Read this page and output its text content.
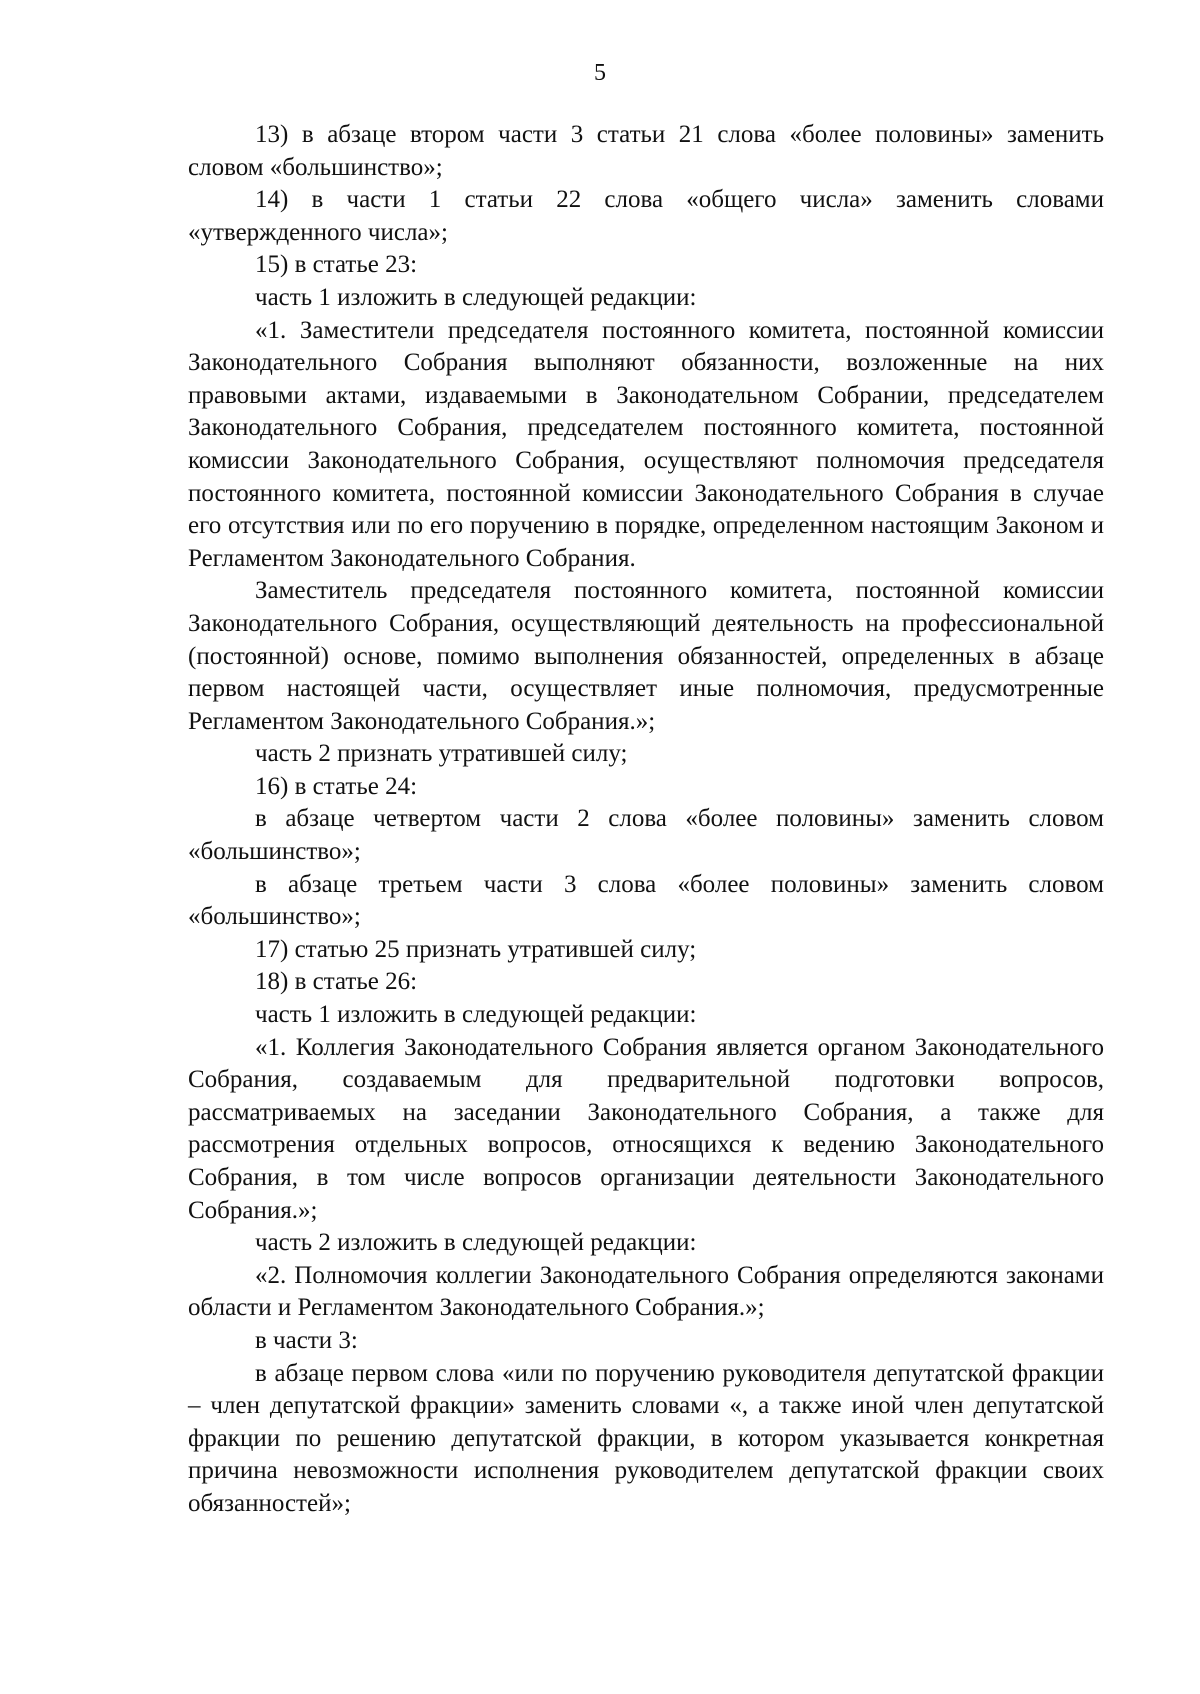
5

13) в абзаце втором части 3 статьи 21 слова «более половины» заменить словом «большинство»;

14) в части 1 статьи 22 слова «общего числа» заменить словами «утвержденного числа»;

15) в статье 23:

часть 1 изложить в следующей редакции:

«1. Заместители председателя постоянного комитета, постоянной комиссии Законодательного Собрания выполняют обязанности, возложенные на них правовыми актами, издаваемыми в Законодательном Собрании, председателем Законодательного Собрания, председателем постоянного комитета, постоянной комиссии Законодательного Собрания, осуществляют полномочия председателя постоянного комитета, постоянной комиссии Законодательного Собрания в случае его отсутствия или по его поручению в порядке, определенном настоящим Законом и Регламентом Законодательного Собрания.

Заместитель председателя постоянного комитета, постоянной комиссии Законодательного Собрания, осуществляющий деятельность на профессиональной (постоянной) основе, помимо выполнения обязанностей, определенных в абзаце первом настоящей части, осуществляет иные полномочия, предусмотренные Регламентом Законодательного Собрания.»;

часть 2 признать утратившей силу;

16) в статье 24:

в абзаце четвертом части 2 слова «более половины» заменить словом «большинство»;

в абзаце третьем части 3 слова «более половины» заменить словом «большинство»;

17) статью 25 признать утратившей силу;

18) в статье 26:

часть 1 изложить в следующей редакции:

«1. Коллегия Законодательного Собрания является органом Законодательного Собрания, создаваемым для предварительной подготовки вопросов, рассматриваемых на заседании Законодательного Собрания, а также для рассмотрения отдельных вопросов, относящихся к ведению Законодательного Собрания, в том числе вопросов организации деятельности Законодательного Собрания.»;

часть 2 изложить в следующей редакции:

«2. Полномочия коллегии Законодательного Собрания определяются законами области и Регламентом Законодательного Собрания.»;

в части 3:

в абзаце первом слова «или по поручению руководителя депутатской фракции – член депутатской фракции» заменить словами «, а также иной член депутатской фракции по решению депутатской фракции, в котором указывается конкретная причина невозможности исполнения руководителем депутатской фракции своих обязанностей»;
